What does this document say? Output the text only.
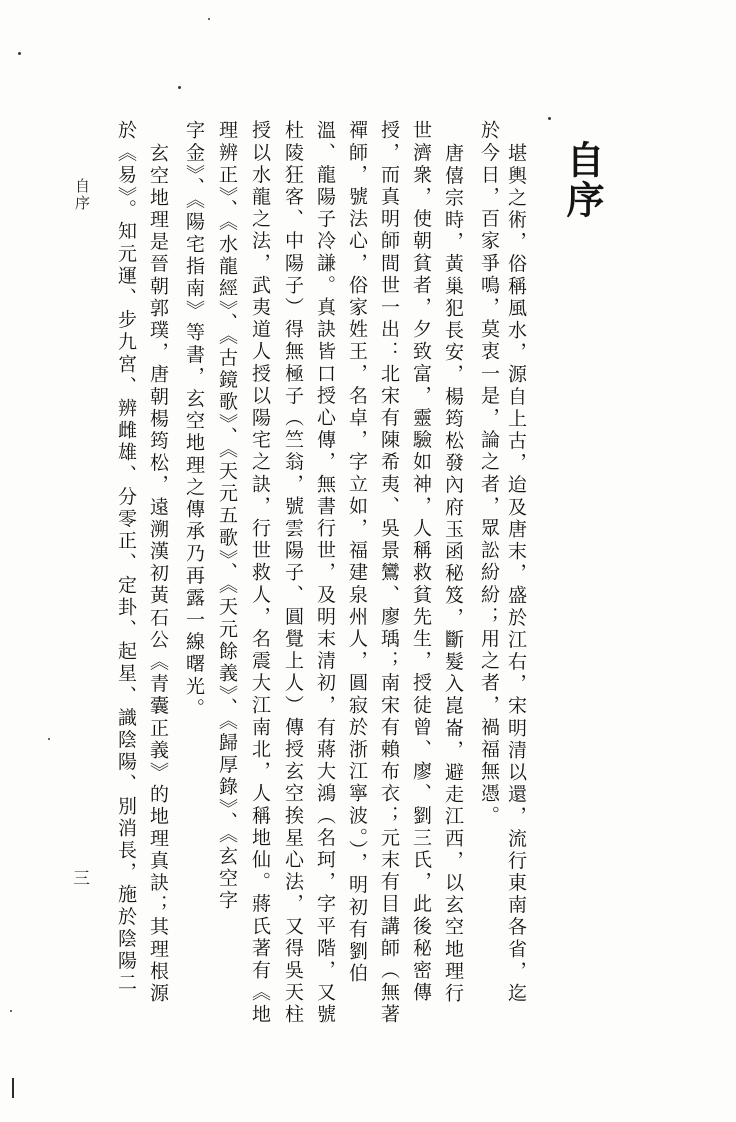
自序
三
自序
堪輿之術，俗稱風水，源自上古，迨及唐末，盛於江右，宋明清以還，流行東南各省，迄
於今日，百家爭鳴，莫衷一是，論之者，眾訟紛紛；用之者，禍福無憑。
唐僖宗時，黃巢犯長安，楊筠松發內府玉函秘笈，斷髮入崑崙，避走江西，以玄空地理行
世濟衆，使朝貧者，夕致富，靈驗如神，人稱救貧先生，授徒曾、廖、劉三氏，此後秘密傳
授，而真明師間世一出：北宋有陳希夷、吳景鸞、廖瑀；南宋有賴布衣；元末有目講師（無著
禪師，號法心，俗家姓王，名卓，字立如，福建泉州人，圓寂於浙江寧波。），明初有劉伯
溫、龍陽子冷謙。真訣皆口授心傳，無書行世，及明末清初，有蔣大鴻（名珂，字平階，又號
杜陵狂客、中陽子）得無極子（竺翁，號雲陽子、圓覺上人）傳授玄空挨星心法，又得吳天柱
授以水龍之法，武夷道人授以陽宅之訣，行世救人，名震大江南北，人稱地仙。蔣氏著有《地
理辨正》、《水龍經》、《古鏡歌》、《天元五歌》、《天元餘義》、《歸厚錄》、《玄空字
字金》、《陽宅指南》等書，玄空地理之傳承乃再露一線曙光。
玄空地理是晉朝郭璞，唐朝楊筠松，遠溯漢初黃石公《青囊正義》的地理真訣；其理根源
於《易》。知元運、步九宮、辨雌雄、分零正、定卦、起星、識陰陽、別消長，施於陰陽二
